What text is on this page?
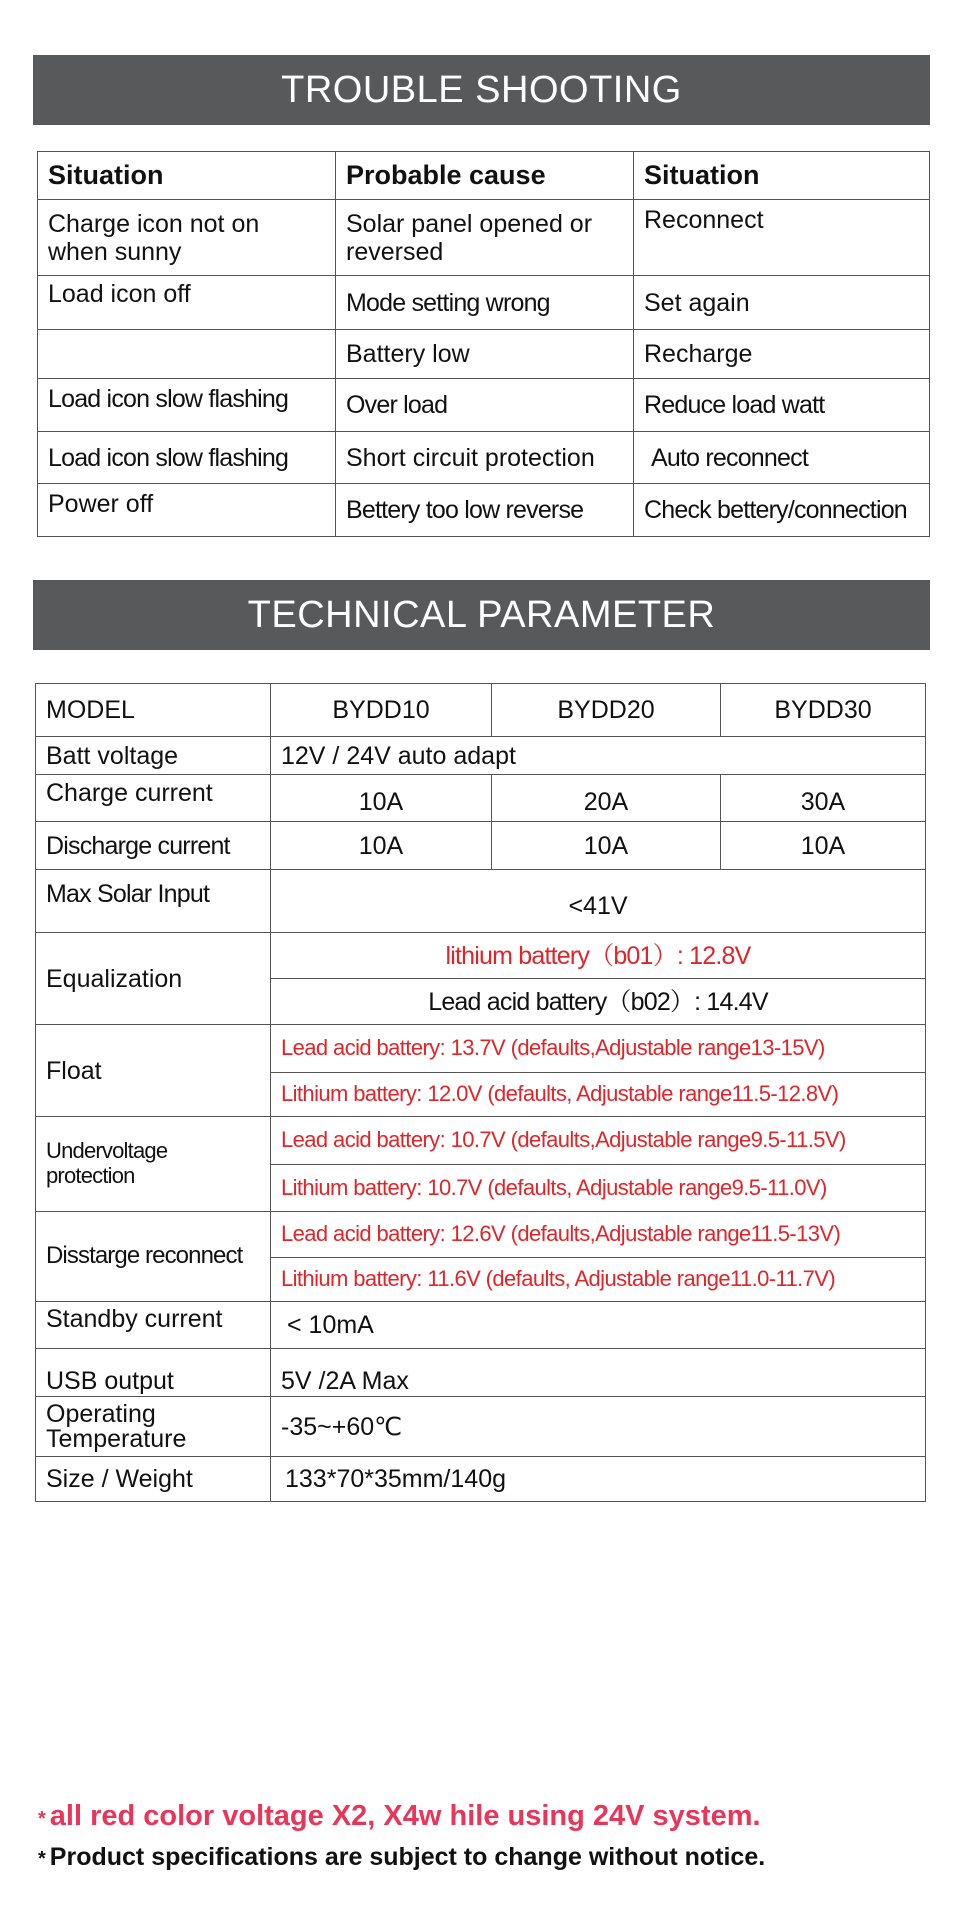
TROUBLE SHOOTING
Situation	Probable cause	Situation
Charge icon not on when sunny	Solar panel opened or reversed	Reconnect
Load icon off	Mode setting wrong	Set again
	Battery low	Recharge
Load icon slow flashing	Over load	Reduce load watt
Load icon slow flashing	Short circuit protection	Auto reconnect
Power off	Bettery too low reverse	Check bettery/connection
TECHNICAL PARAMETER
MODEL	BYDD10	BYDD20	BYDD30
Batt voltage	12V / 24V auto adapt		
Charge current	10A	20A	30A
Discharge current	10A	10A	10A
Max Solar Input	<41V		
Equalization	lithium battery（b01）: 12.8V		
	Lead acid battery（b02）: 14.4V		
Float	Lead acid battery: 13.7V (defaults,Adjustable range13-15V)		
	Lithium battery: 12.0V (defaults, Adjustable range11.5-12.8V)		
Undervoltage protection	Lead acid battery: 10.7V (defaults,Adjustable range9.5-11.5V)		
	Lithium battery: 10.7V (defaults, Adjustable range9.5-11.0V)		
Disstarge reconnect	Lead acid battery: 12.6V (defaults,Adjustable range11.5-13V)		
	Lithium battery: 11.6V (defaults, Adjustable range11.0-11.7V)		
Standby current	< 10mA		
USB output	5V /2A Max		
Operating Temperature	-35~+60℃		
Size / Weight	133*70*35mm/140g		
* all red color voltage X2, X4w hile using 24V system.
* Product specifications are subject to change without notice.
